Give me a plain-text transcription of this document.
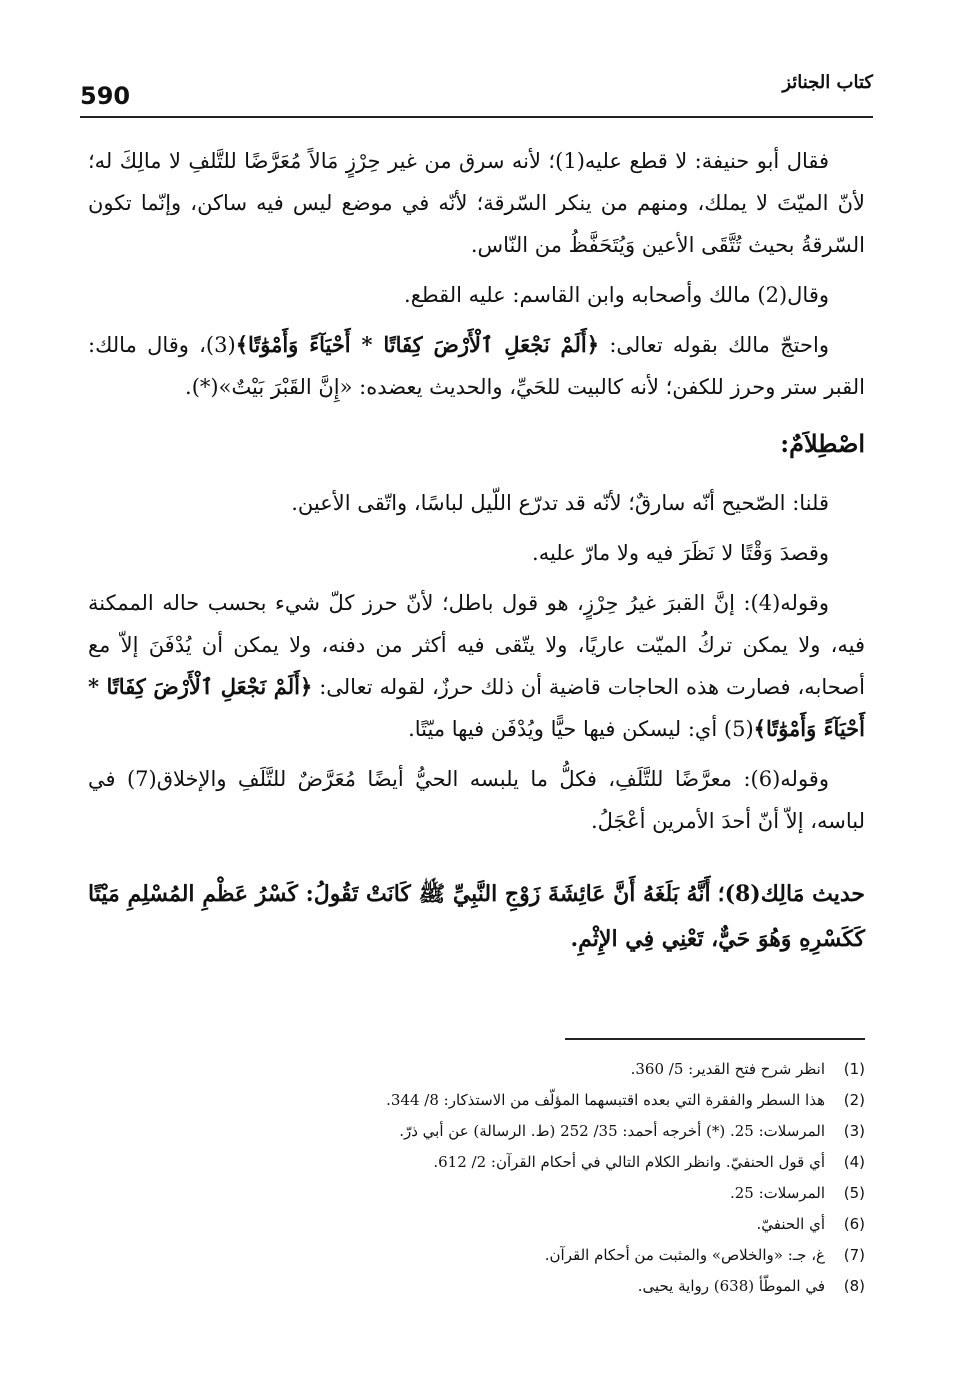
590	كتاب الجنائز

فقال أبو حنيفة: لا قطع عليه(1)؛ لأنه سرق من غير حِرْزٍ مَالاً مُعَرَّضًا للتَّلفِ لا مالِكَ له؛ لأنّ الميّتَ لا يملك، ومنهم من ينكر السّرقة؛ لأنّه في موضع ليس فيه ساكن، وإنّما تكون السّرقةُ بحيث تُتَّقَى الأعين وَيُتَحَفَّظُ من النّاس.

وقال(2) مالك وأصحابه وابن القاسم: عليه القطع.

واحتجّ مالك بقوله تعالى: ﴿أَلَمْ نَجْعَلِ ٱلْأَرْضَ كِفَاتًا * أَحْيَآءً وَأَمْوَٰتًا﴾(3)، وقال مالك: القبر ستر وحرز للكفن؛ لأنه كالبيت للحَيِّ، والحديث يعضده: «إِنَّ القَبْرَ بَيْتٌ»(*).

اصْطِلاَمٌ:

قلنا: الصّحيح أنّه سارقٌ؛ لأنّه قد تدرّع اللّيل لباسًا، واتّقى الأعين.

وقصدَ وَقْتًا لا نَظَرَ فيه ولا مارّ عليه.

وقوله(4): إنَّ القبرَ غيرُ حِرْزٍ، هو قول باطل؛ لأنّ حرز كلّ شيء بحسب حاله الممكنة فيه، ولا يمكن تركُ الميّت عاريًا، ولا يتّقى فيه أكثر من دفنه، ولا يمكن أن يُدْفَنَ إلاّ مع أصحابه، فصارت هذه الحاجات قاضية أن ذلك حرزٌ، لقوله تعالى: ﴿أَلَمْ نَجْعَلِ ٱلْأَرْضَ كِفَاتًا * أَحْيَآءً وَأَمْوَٰتًا﴾(5) أي: ليسكن فيها حيًّا ويُدْفَن فيها ميّتًا.

وقوله(6): معرَّضًا للتَّلَفِ، فكلُّ ما يلبسه الحيُّ أيضًا مُعَرَّضٌ للتَّلَفِ والإخلاق(7) في لباسه، إلاّ أنّ أحدَ الأمرين أعْجَلُ.

حديث مَالِك(8)؛ أَنَّهُ بَلَغَهُ أَنَّ عَائِشَةَ زَوْجِ النَّبِيِّ ﷺ كَانَتْ تَقُولُ: كَسْرُ عَظْمِ المُسْلِمِ مَيْتًا كَكَسْرِهِ وَهُوَ حَيٌّ، تَعْنِي فِي الإِثْمِ.

(1)
انظر شرح فتح القدير: 5/ 360.
(2)
هذا السطر والفقرة التي بعده اقتبسهما المؤلّف من الاستذكار: 8/ 344.
(3)
المرسلات: 25. (*) أخرجه أحمد: 35/ 252 (ط. الرسالة) عن أبي ذرّ.
(4)
أي قول الحنفيّ. وانظر الكلام التالي في أحكام القرآن: 2/ 612.
(5)
المرسلات: 25.
(6)
أي الحنفيّ.
(7)
غ، جـ: «والخلاص» والمثبت من أحكام القرآن.
(8)
في الموطّأ (638) رواية يحيى.
